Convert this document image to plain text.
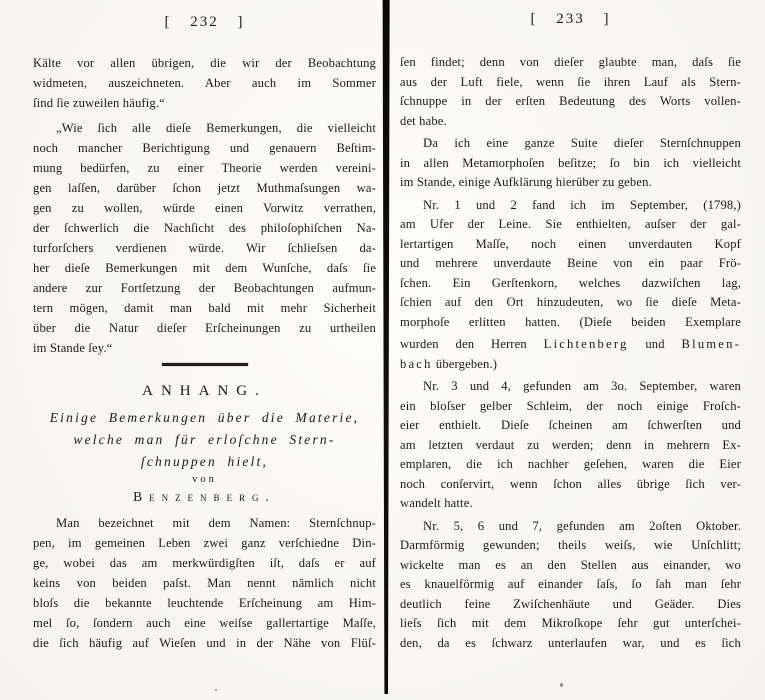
[ 232 ]
Kälte vor allen übrigen, die wir der Beobachtung
widmeten, auszeichneten. Aber auch im Sommer
ſind ſie zuweilen häufig.“
„Wie ſich alle dieſe Bemerkungen, die vielleicht
noch mancher Berichtigung und genauern Beſtim-
mung bedürfen, zu einer Theorie werden vereini-
gen laſſen, darüber ſchon jetzt Muthmaſsungen wa-
gen zu wollen, würde einen Vorwitz verrathen,
der ſchwerlich die Nachſicht des philoſophiſchen Na-
turforſchers verdienen würde. Wir ſchlieſsen da-
her dieſe Bemerkungen mit dem Wunſche, daſs ſie
andere zur Fortſetzung der Beobachtungen aufmun-
tern mögen, damit man bald mit mehr Sicherheit
über die Natur dieſer Erſcheinungen zu urtheilen
im Stande ſey.“
ANHANG.
Einige Bemerkungen über die Materie,
welche man für erloſchne Stern-
ſchnuppen hielt,
von
Benzenberg.
Man bezeichnet mit dem Namen: Sternſchnup-
pen, im gemeinen Leben zwei ganz verſchiedne Din-
ge, wobei das am merkwürdigſten iſt, daſs er auf
keins von beiden paſst. Man nennt nämlich nicht
bloſs die bekannte leuchtende Erſcheinung am Him-
mel ſo, ſondern auch eine weiſse gallertartige Maſſe,
die ſich häufig auf Wieſen und in der Nähe von Flüſ-
[ 233 ]
ſen findet; denn von dieſer glaubte man, daſs ſie
aus der Luft fiele, wenn ſie ihren Lauf als Stern-
ſchnuppe in der erſten Bedeutung des Worts vollen-
det habe.
Da ich eine ganze Suite dieſer Sternſchnuppen
in allen Metamorphoſen beſitze; ſo bin ich vielleicht
im Stande, einige Aufklärung hierüber zu geben.
Nr. 1 und 2 fand ich im September, (1798,)
am Ufer der Leine. Sie enthielten, auſser der gal-
lertartigen Maſſe, noch einen unverdauten Kopf
und mehrere unverdaute Beine von ein paar Frö-
ſchen. Ein Gerſtenkorn, welches dazwiſchen lag,
ſchien auf den Ort hinzudeuten, wo ſie dieſe Meta-
morphoſe erlitten hatten. (Dieſe beiden Exemplare
wurden den Herren Lichtenberg und Blumen-
bach übergeben.)
Nr. 3 und 4, gefunden am 3o. September, waren
ein bloſser gelber Schleim, der noch einige Froſch-
eier enthielt. Dieſe ſcheinen am ſchwerſten und
am letzten verdaut zu werden; denn in mehrern Ex-
emplaren, die ich nachher geſehen, waren die Eier
noch conſervirt, wenn ſchon alles übrige ſich ver-
wandelt hatte.
Nr. 5, 6 und 7, gefunden am 2oſten Oktober.
Darmförmig gewunden; theils weiſs, wie Unſchlitt;
wickelte man es an den Stellen aus einander, wo
es knauelförmig auf einander ſaſs, ſo ſah man ſehr
deutlich feine Zwiſchenhäute und Geäder. Dies
lieſs ſich mit dem Mikroſkope ſehr gut unterſchei-
den, da es ſchwarz unterlaufen war, und es ſich
